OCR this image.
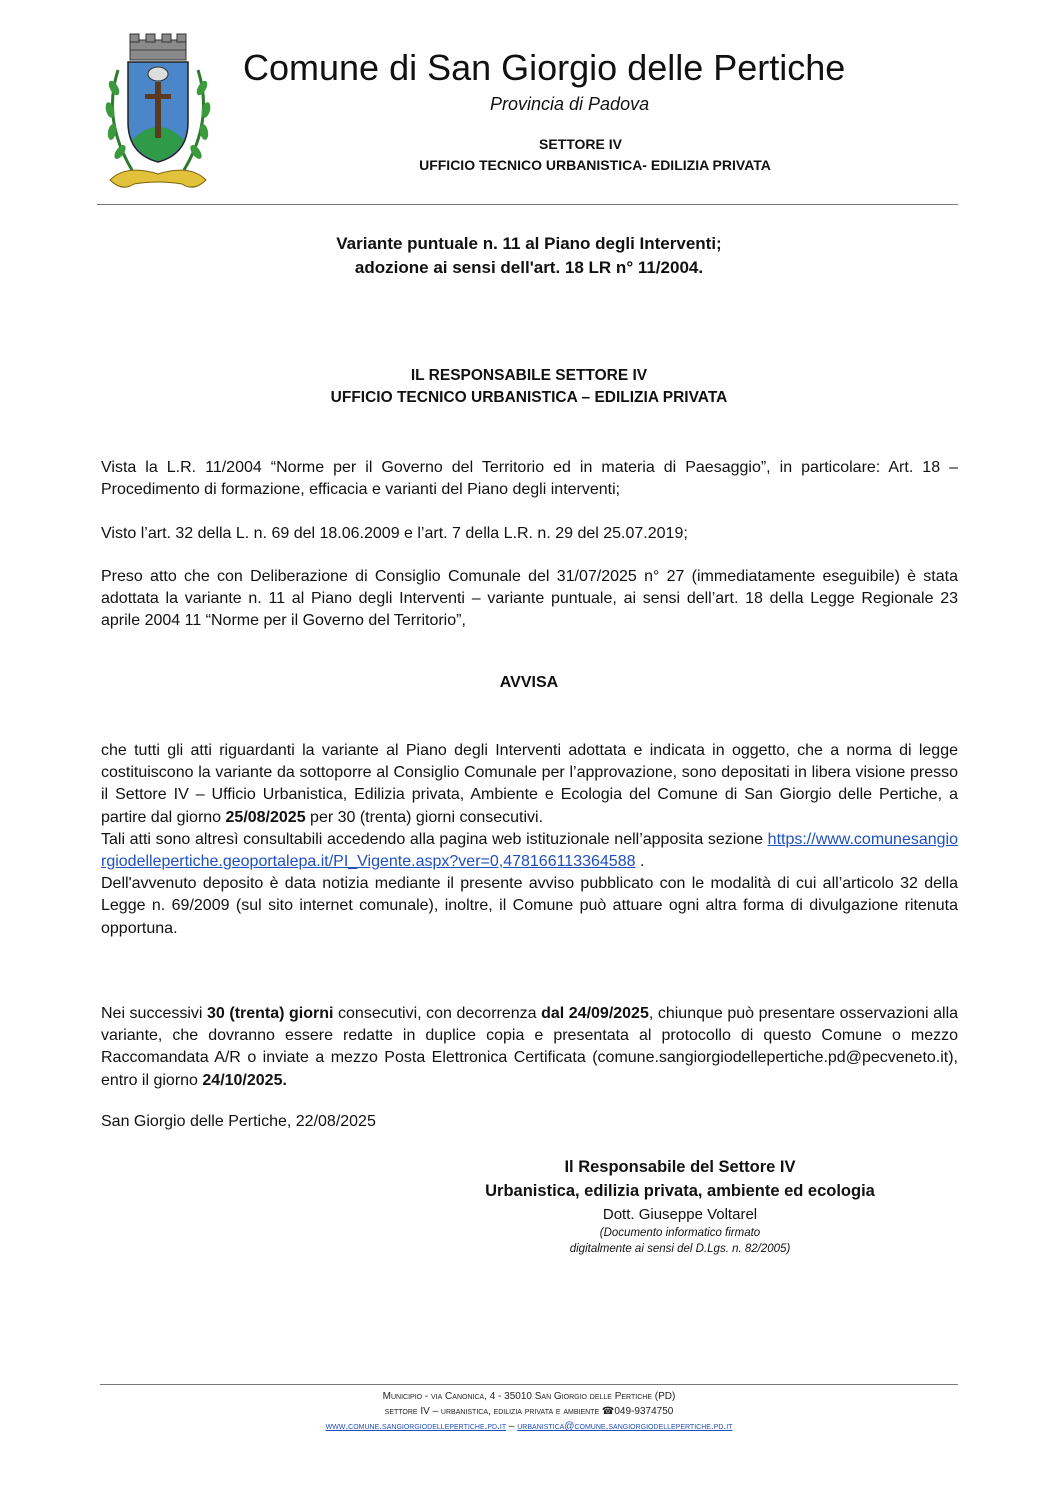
Comune di San Giorgio delle Pertiche
Provincia di Padova
SETTORE IV
UFFICIO TECNICO URBANISTICA- EDILIZIA PRIVATA
Variante puntuale n. 11 al Piano degli Interventi;
adozione ai sensi dell'art. 18 LR n° 11/2004.
IL RESPONSABILE SETTORE IV
UFFICIO TECNICO URBANISTICA – EDILIZIA PRIVATA
Vista la L.R. 11/2004 “Norme per il Governo del Territorio ed in materia di Paesaggio”, in particolare: Art. 18 – Procedimento di formazione, efficacia e varianti del Piano degli interventi;
Visto l’art. 32 della L. n. 69 del 18.06.2009 e l’art. 7 della L.R. n. 29 del 25.07.2019;
Preso atto che con Deliberazione di Consiglio Comunale del 31/07/2025 n° 27 (immediatamente eseguibile) è stata adottata la variante n. 11 al Piano degli Interventi – variante puntuale, ai sensi dell’art. 18 della Legge Regionale 23 aprile 2004 11 “Norme per il Governo del Territorio”,
AVVISA
che tutti gli atti riguardanti la variante al Piano degli Interventi adottata e indicata in oggetto, che a norma di legge costituiscono la variante da sottoporre al Consiglio Comunale per l’approvazione, sono depositati in libera visione presso il Settore IV – Ufficio Urbanistica, Edilizia privata, Ambiente e Ecologia del Comune di San Giorgio delle Pertiche, a partire dal giorno 25/08/2025 per 30 (trenta) giorni consecutivi.
Tali atti sono altresì consultabili accedendo alla pagina web istituzionale nell’apposita sezione https://www.comunesangiorgiodellepertiche.geoportalepa.it/PI_Vigente.aspx?ver=0,478166113364588 .
Dell'avvenuto deposito è data notizia mediante il presente avviso pubblicato con le modalità di cui all’articolo 32 della Legge n. 69/2009 (sul sito internet comunale), inoltre, il Comune può attuare ogni altra forma di divulgazione ritenuta opportuna.
Nei successivi 30 (trenta) giorni consecutivi, con decorrenza dal 24/09/2025, chiunque può presentare osservazioni alla variante, che dovranno essere redatte in duplice copia e presentata al protocollo di questo Comune o mezzo Raccomandata A/R o inviate a mezzo Posta Elettronica Certificata (comune.sangiorgiodellepertiche.pd@pecveneto.it), entro il giorno 24/10/2025.
San Giorgio delle Pertiche, 22/08/2025
Il Responsabile del Settore IV
Urbanistica, edilizia privata, ambiente ed ecologia
Dott. Giuseppe Voltarel
(Documento informatico firmato
digitalmente ai sensi del D.Lgs. n. 82/2005)
Municipio - via Canonica, 4 - 35010 San Giorgio delle Pertiche (PD)
settore IV – urbanistica, edilizia privata e ambiente ☎049-9374750
www.comune.sangiorgiodellepertiche.pd.it – urbanistica@comune.sangiorgiodellepertiche.pd.it
